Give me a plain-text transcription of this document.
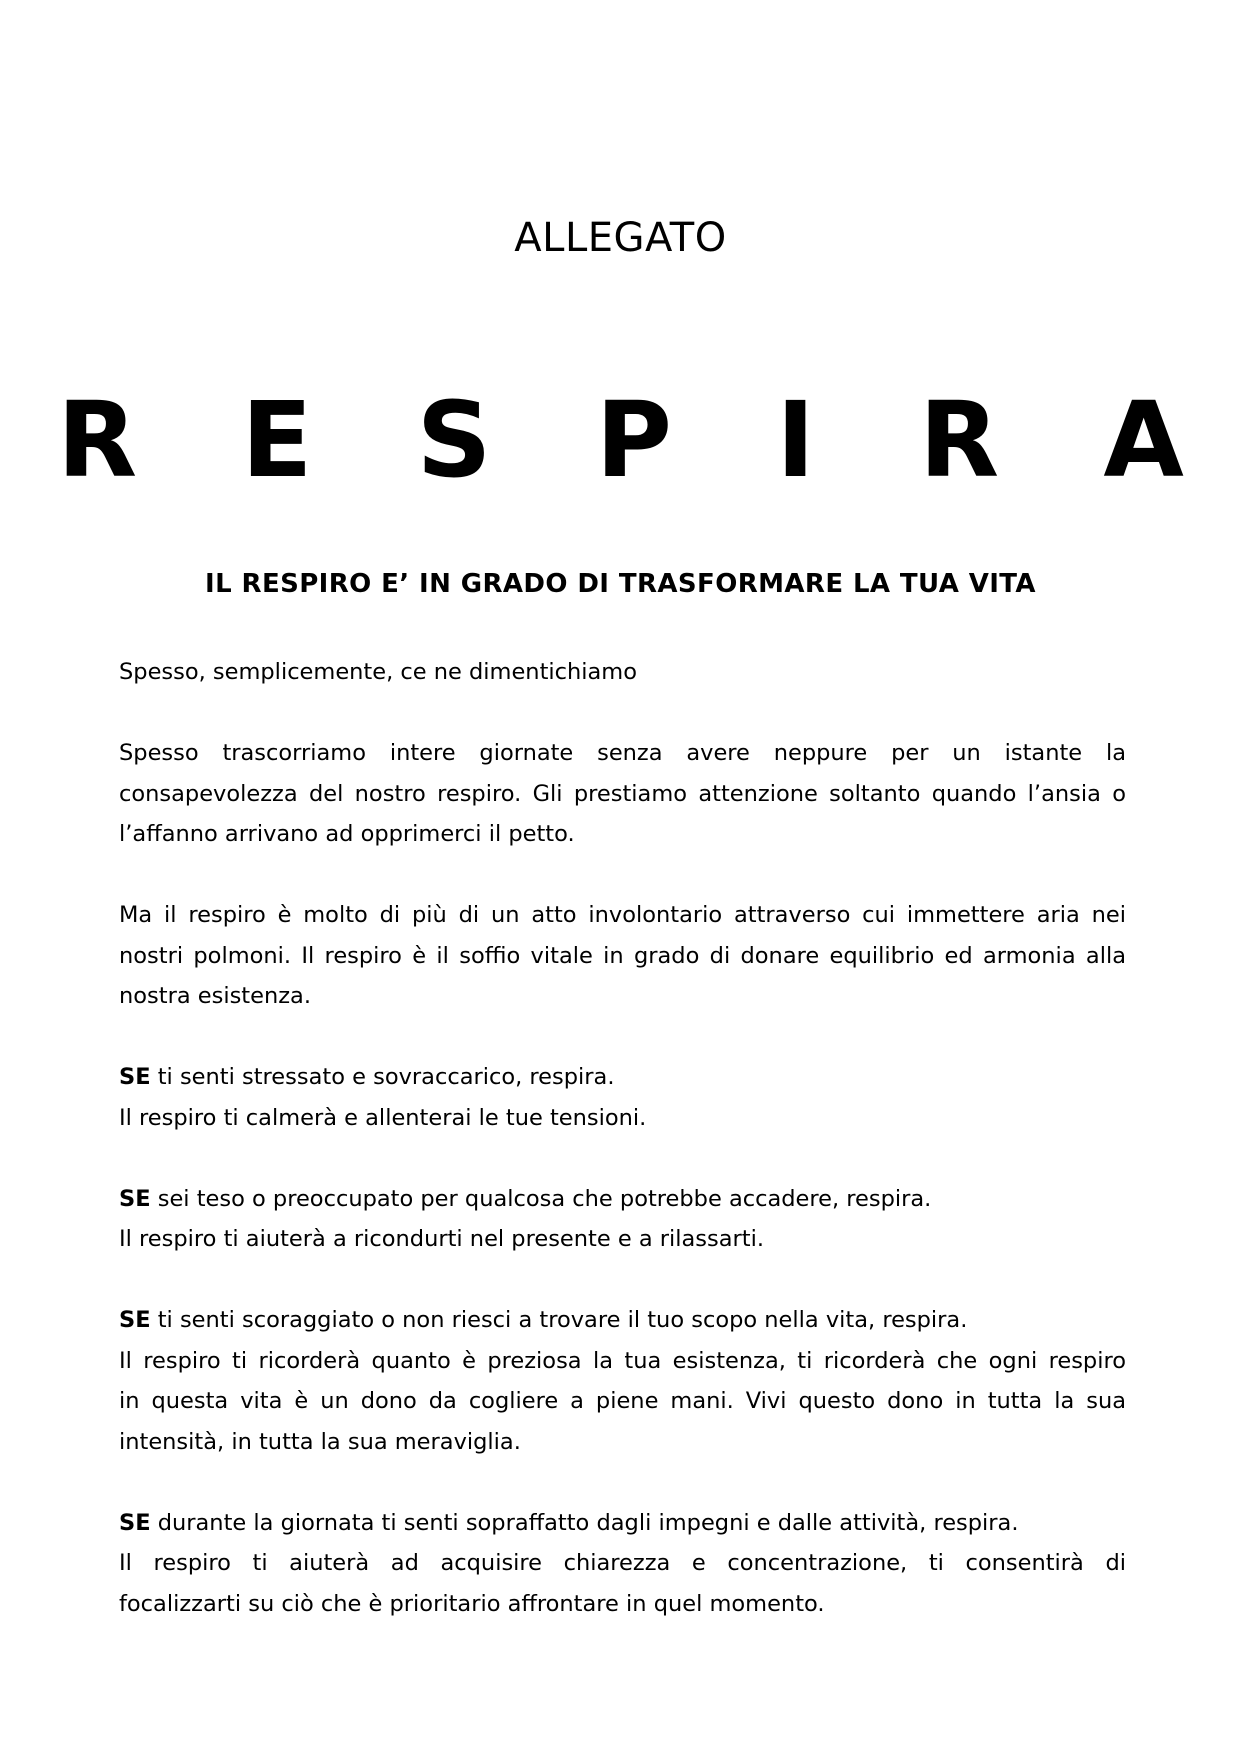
ALLEGATO
R E S P I R A
IL RESPIRO E’ IN GRADO DI TRASFORMARE LA TUA VITA

Spesso, semplicemente, ce ne dimentichiamo

Spesso trascorriamo intere giornate senza avere neppure per un istante la
consapevolezza del nostro respiro. Gli prestiamo attenzione soltanto quando l’ansia o
l’affanno arrivano ad opprimerci il petto.

Ma il respiro è molto di più di un atto involontario attraverso cui immettere aria nei
nostri polmoni. Il respiro è il soffio vitale in grado di donare equilibrio ed armonia alla
nostra esistenza.

SE ti senti stressato e sovraccarico, respira.
Il respiro ti calmerà e allenterai le tue tensioni.

SE sei teso o preoccupato per qualcosa che potrebbe accadere, respira.
Il respiro ti aiuterà a ricondurti nel presente e a rilassarti.

SE ti senti scoraggiato o non riesci a trovare il tuo scopo nella vita, respira.
Il respiro ti ricorderà quanto è preziosa la tua esistenza, ti ricorderà che ogni respiro
in questa vita è un dono da cogliere a piene mani. Vivi questo dono in tutta la sua
intensità, in tutta la sua meraviglia.

SE durante la giornata ti senti sopraffatto dagli impegni e dalle attività, respira.
Il respiro ti aiuterà ad acquisire chiarezza e concentrazione, ti consentirà di
focalizzarti su ciò che è prioritario affrontare in quel momento.
